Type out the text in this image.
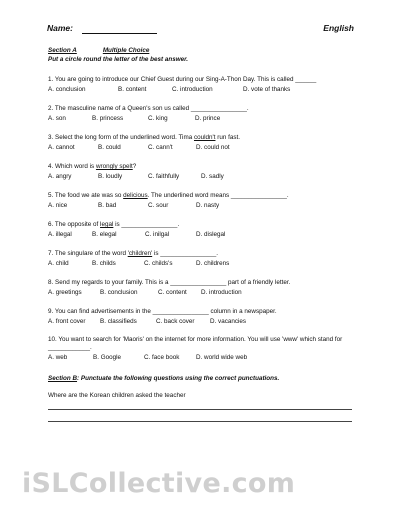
Name:	English
Section A	Multiple Choice
Put a circle round the letter of the best answer.
1. You are going to introduce our Chief Guest during our Sing-A-Thon Day. This is called ______
A. conclusion	B. content	C. introduction	D. vote of thanks
2. The masculine name of a Queen's son us called ________________.
A. son	B. princess	C. king	D. prince
3. Select the long form of the underlined word. Tima couldn't run fast.
A. cannot	B. could	C. cann't	D. could not
4. Which word is wrongly spelt?
A. angry	B. loudly	C. faithfully	D. sadly
5. The food we ate was so delicious. The underlined word means ________________.
A. nice	B. bad	C. sour	D. nasty
6. The opposite of legal is ________________.
A. illegal	B. elegal	C. inilgal	D. dislegal
7. The singulare of the word 'children' is ________________.
A. child	B. childs	C. childs's	D. childrens
8. Send my regards to your family. This is a ________________ part of a friendly letter.
A. greetings	B. conclusion	C. content D. introduction
9. You can find advertisements in the ________________ column in a newspaper.
A. front cover B. classifieds	C. back cover D. vacancies
10. You want to search for 'Maoris' on the internet for more information. You will use 'www' which stand for ____________.
A. web	B. Google	C. face book	D. world wide web
Section B: Punctuate the following questions using the correct punctuations.
Where are the Korean children asked the teacher
iSLCollective.com
